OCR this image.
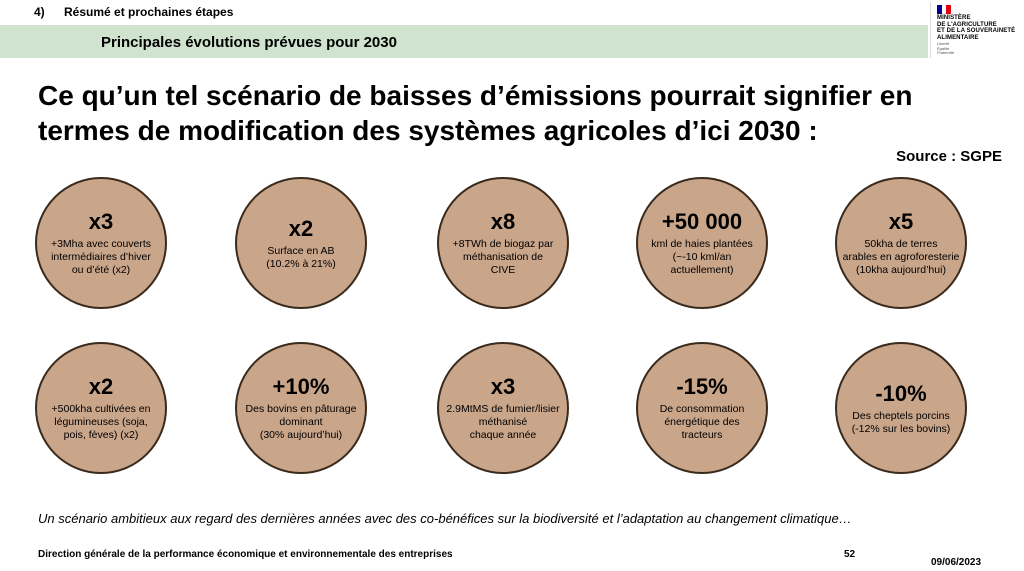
4) Résumé et prochaines étapes
Principales évolutions prévues pour 2030
MINISTÈRE
DE L'AGRICULTURE
ET DE LA SOUVERAINETÉ
ALIMENTAIRE
Liberté
Égalité
Fraternité
Ce qu’un tel scénario de baisses d’émissions pourrait signifier en termes de modification des systèmes agricoles d’ici 2030 :
Source : SGPE
x3
+3Mha avec couverts
intermédiaires d’hiver
ou d’été (x2)
x2
Surface en AB
(10.2% à 21%)
x8
+8TWh de biogaz par
méthanisation de
CIVE
+50 000
kml de haies plantées
(~-10 kml/an
actuellement)
x5
50kha de terres
arables en agroforesterie
(10kha aujourd’hui)
x2
+500kha cultivées en
légumineuses (soja,
pois, fèves) (x2)
+10%
Des bovins en pâturage
dominant
(30% aujourd’hui)
x3
2.9MtMS de fumier/lisier
méthanisé
chaque année
-15%
De consommation
énergétique des
tracteurs
-10%
Des cheptels porcins
(-12% sur les bovins)
Un scénario ambitieux aux regard des dernières années avec des co-bénéfices sur la biodiversité et l’adaptation au changement climatique…
Direction générale de la performance économique et environnementale des entreprises	52
09/06/2023
